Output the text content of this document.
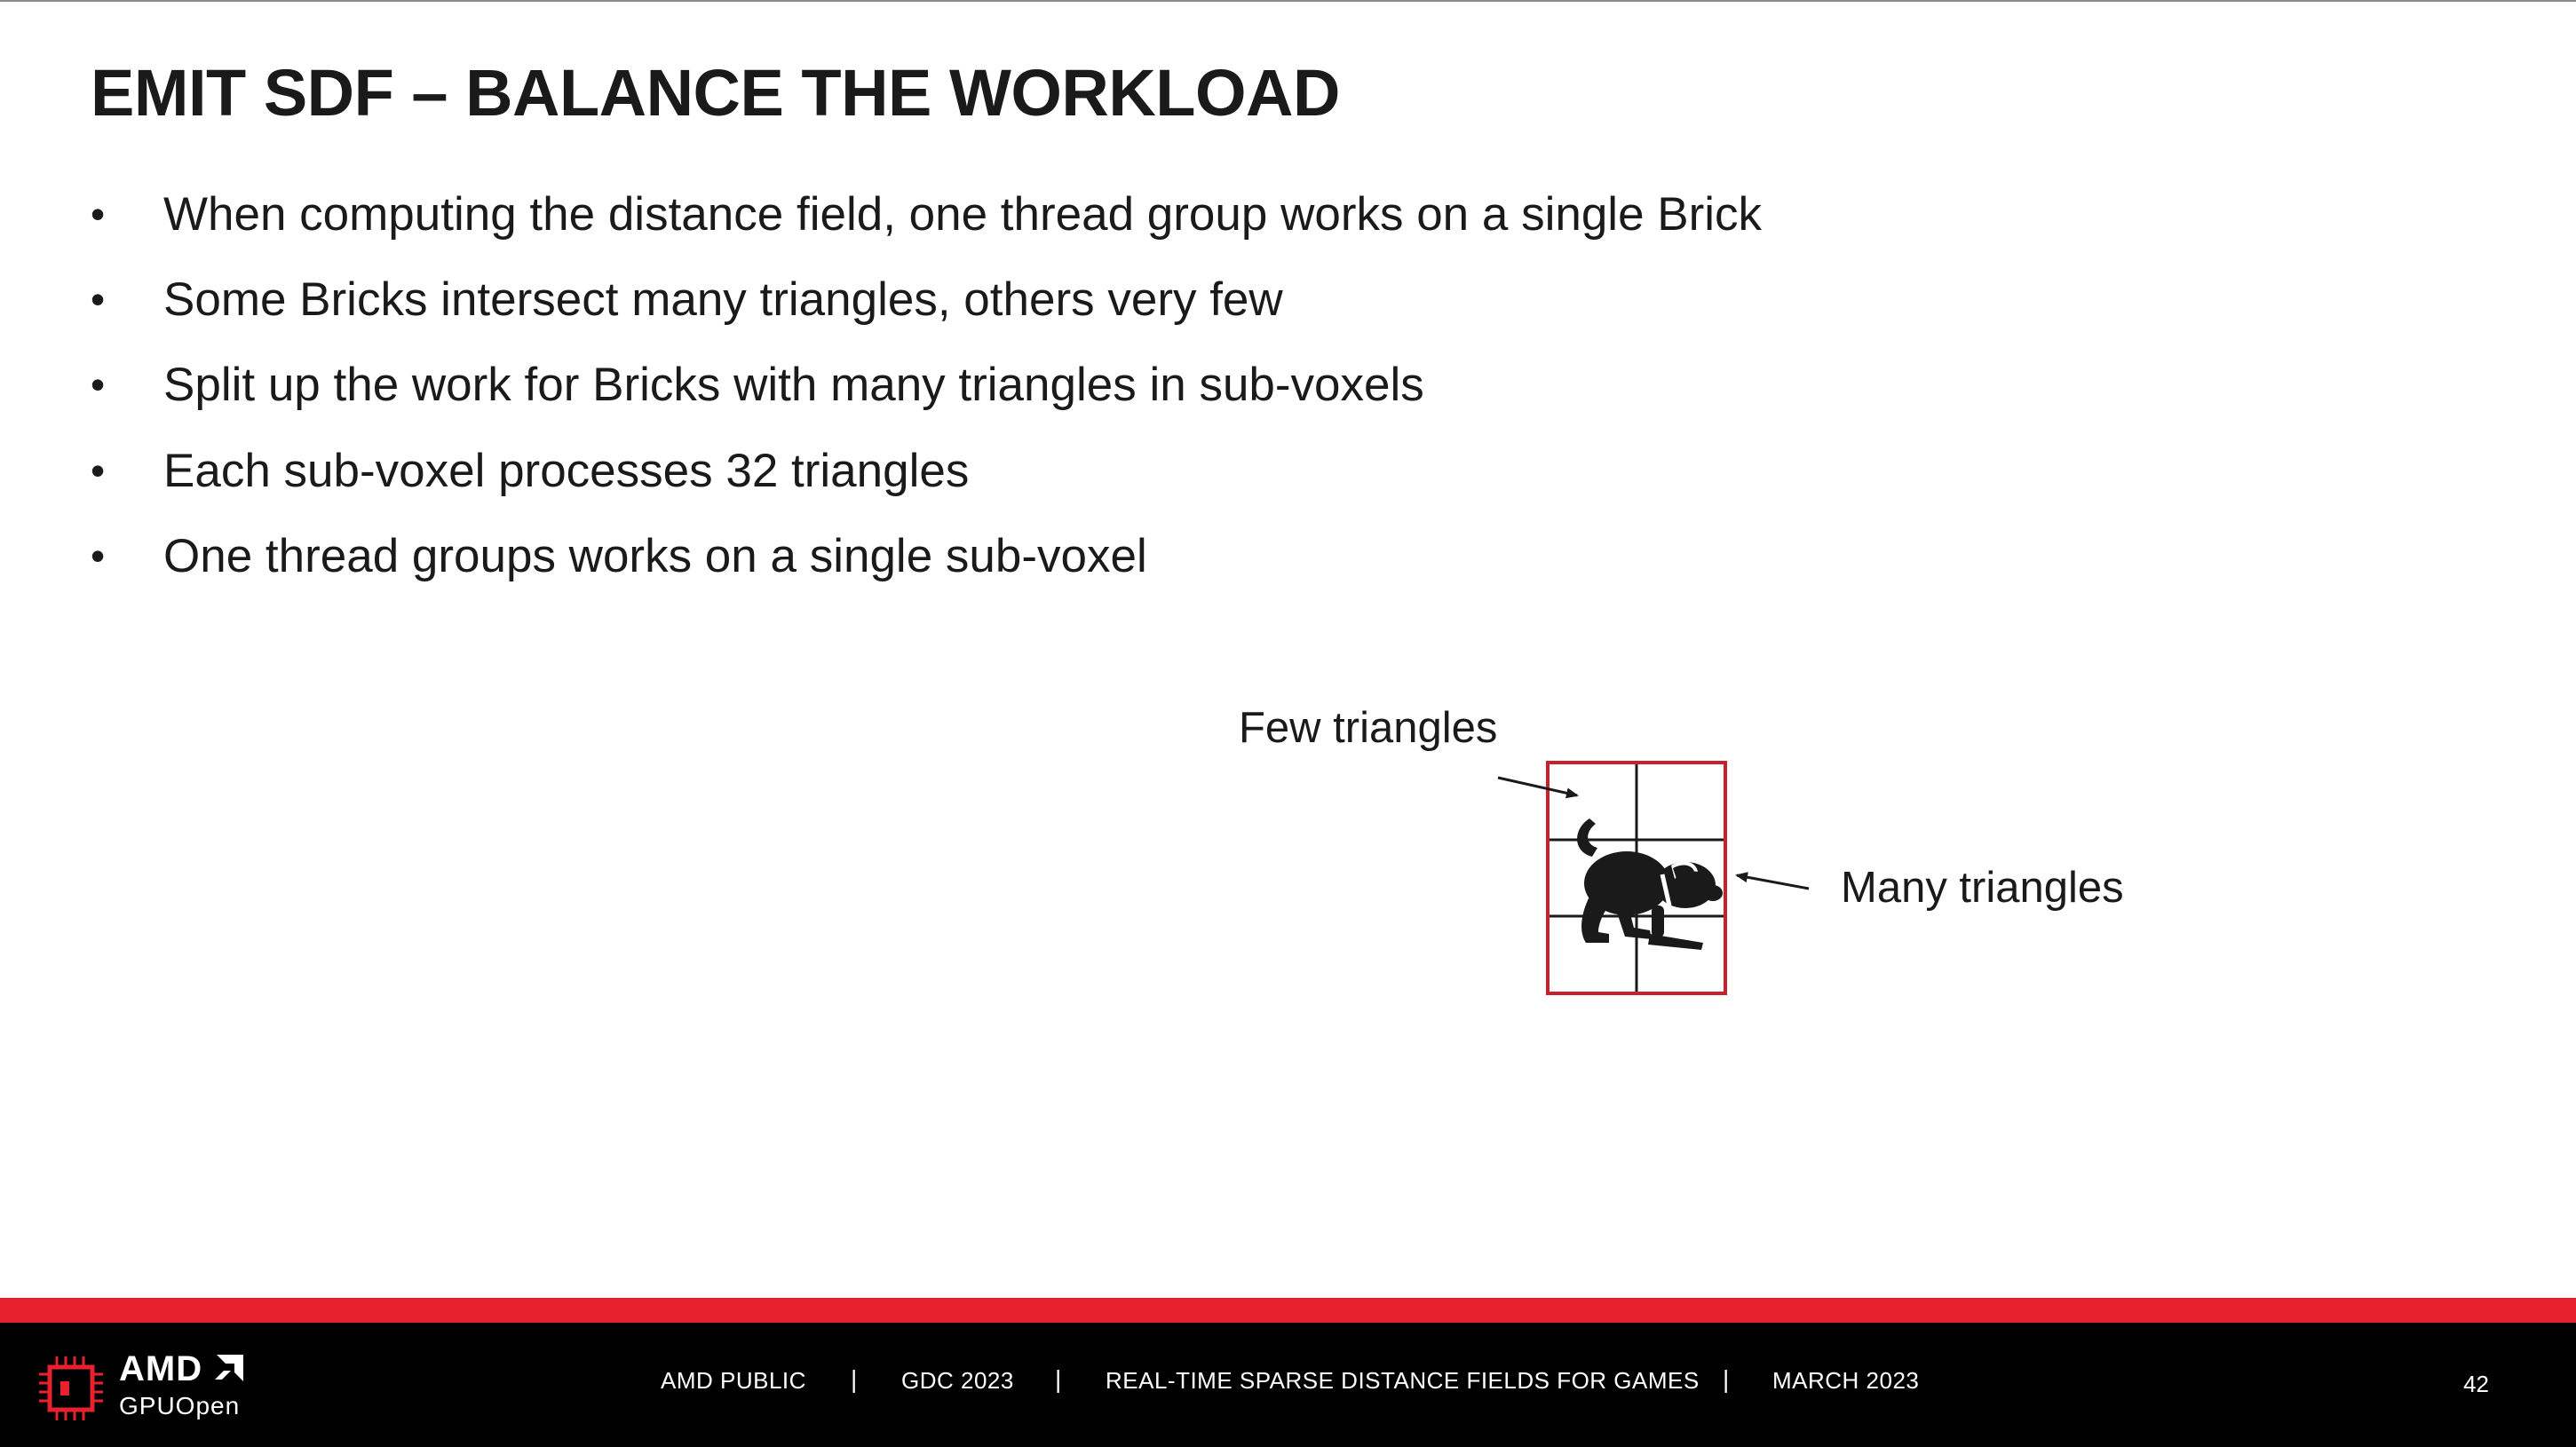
EMIT SDF – BALANCE THE WORKLOAD
•	When computing the distance field, one thread group works on a single Brick
•	Some Bricks intersect many triangles, others very few
•	Split up the work for Bricks with many triangles in sub-voxels
•	Each sub-voxel processes 32 triangles
•	One thread groups works on a single sub-voxel
Few triangles
Many triangles
AMD
GPUOpen
AMD PUBLIC | GDC 2023 | REAL-TIME SPARSE DISTANCE FIELDS FOR GAMES | MARCH 2023	42
